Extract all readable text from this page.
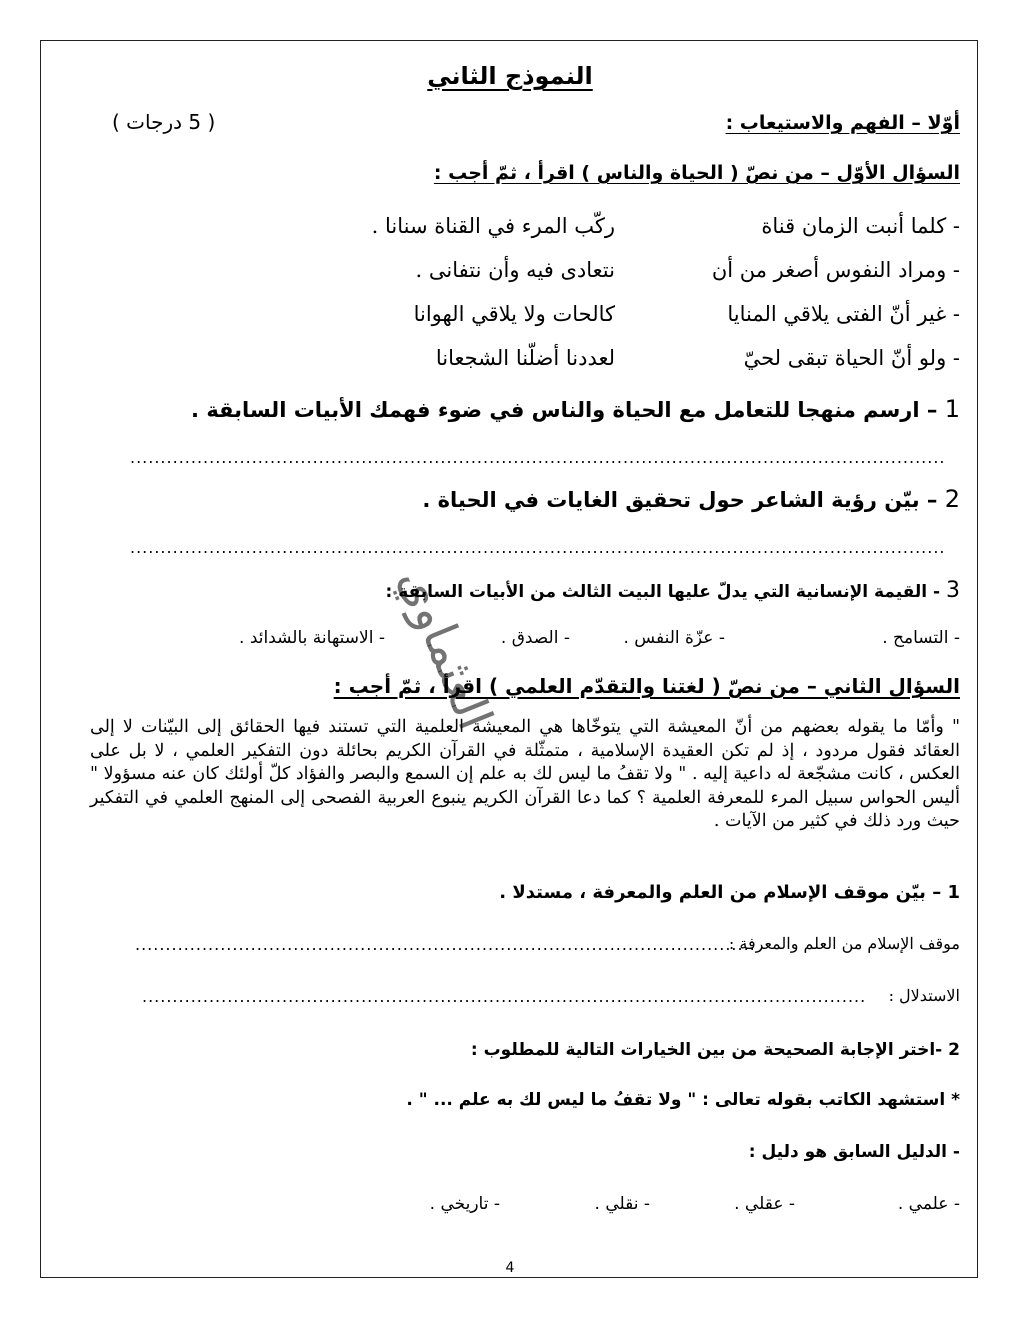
النموذج الثاني
أوّلا – الفهم والاستيعاب :
( 5 درجات )
السؤال الأوّل – من نصّ ( الحياة والناس ) اقرأ ، ثمّ أجب :
- كلما أنبت الزمان قناة
ركّب المرء في القناة سنانا .
- ومراد النفوس أصغر من أن
نتعادى فيه وأن نتفانى .
- غير أنّ الفتى يلاقي المنايا
كالحات ولا يلاقي الهوانا
- ولو أنّ الحياة تبقى لحيّ
لعددنا أضلّنا الشجعانا
1 – ارسم منهجا للتعامل مع الحياة والناس في ضوء فهمك الأبيات السابقة .
......................................................................................................................................
2 – بيّن رؤية الشاعر حول تحقيق الغايات في الحياة .
......................................................................................................................................
3 - القيمة الإنسانية التي يدلّ عليها البيت الثالث من الأبيات السابقة :
- التسامح .
- عزّة النفس .
- الصدق .
- الاستهانة بالشدائد .
السؤال الثاني – من نصّ ( لغتنا والتقدّم العلمي ) اقرأ ، ثمّ أجب :
" وأمّا ما يقوله بعضهم من أنّ المعيشة التي يتوخّاها هي المعيشة العلمية التي تستند فيها الحقائق إلى البيّنات لا إلى العقائد فقول مردود ، إذ لم تكن العقيدة الإسلامية ، متمثّلة في القرآن الكريم بحائلة دون التفكير العلمي ، لا بل على العكس ، كانت مشجّعة له داعية إليه . " ولا تقفُ ما ليس لك به علم إن السمع والبصر والفؤاد كلّ أولئك كان عنه مسؤولا " أليس الحواس سبيل المرء للمعرفة العلمية ؟ كما دعا القرآن الكريم ينبوع العربية الفصحى إلى المنهج العلمي في التفكير حيث ورد ذلك في كثير من الآيات .
1 – بيّن موقف الإسلام من العلم والمعرفة ، مستدلا .
موقف الإسلام من العلم والمعرفة :
......................................................................................................
الاستدلال :
.......................................................................................................................
2 -اختر الإجابة الصحيحة من بين الخيارات التالية للمطلوب :
* استشهد الكاتب بقوله تعالى : " ولا تقفُ ما ليس لك به علم ... " .
- الدليل السابق هو دليل :
- علمي .
- عقلي .
- نقلي .
- تاريخي .
العثماوي
4
